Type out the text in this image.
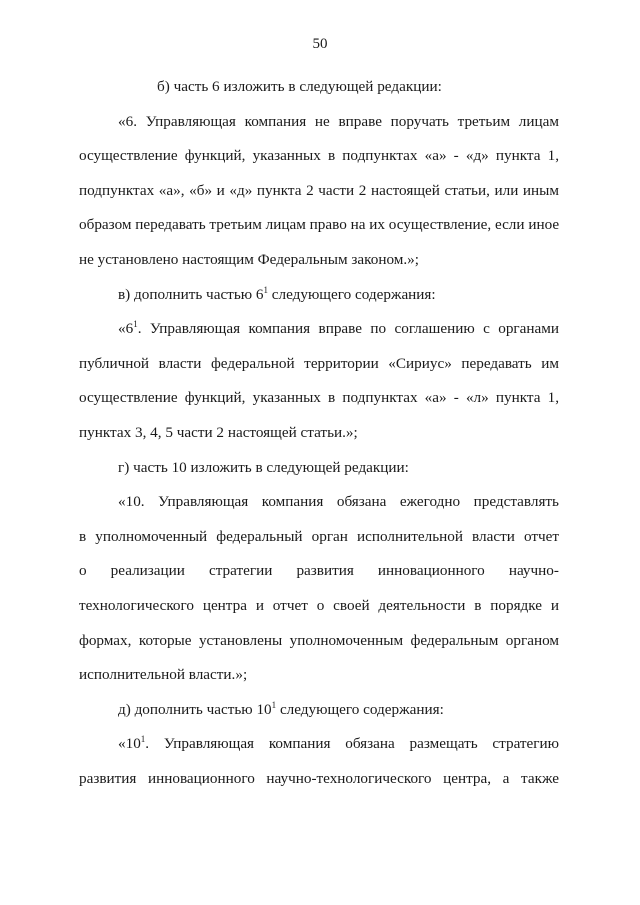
50
б) часть 6 изложить в следующей редакции:
«6. Управляющая компания не вправе поручать третьим лицам
осуществление функций, указанных в подпунктах «а» - «д» пункта 1,
подпунктах «а», «б» и «д» пункта 2 части 2 настоящей статьи, или иным
образом передавать третьим лицам право на их осуществление, если иное
не установлено настоящим Федеральным законом.»;
в) дополнить частью $6^1$ следующего содержания:
«$6^1$. Управляющая компания вправе по соглашению с органами
публичной власти федеральной территории «Сириус» передавать им
осуществление функций, указанных в подпунктах «а» - «л» пункта 1,
пунктах 3, 4, 5 части 2 настоящей статьи.»;
г) часть 10 изложить в следующей редакции:
«10. Управляющая компания обязана ежегодно представлять
в уполномоченный федеральный орган исполнительной власти отчет
о реализации стратегии развития инновационного научно-
технологического центра и отчет о своей деятельности в порядке и
формах, которые установлены уполномоченным федеральным органом
исполнительной власти.»;
д) дополнить частью $10^1$ следующего содержания:
«$10^1$. Управляющая компания обязана размещать стратегию
развития инновационного научно-технологического центра, а также
